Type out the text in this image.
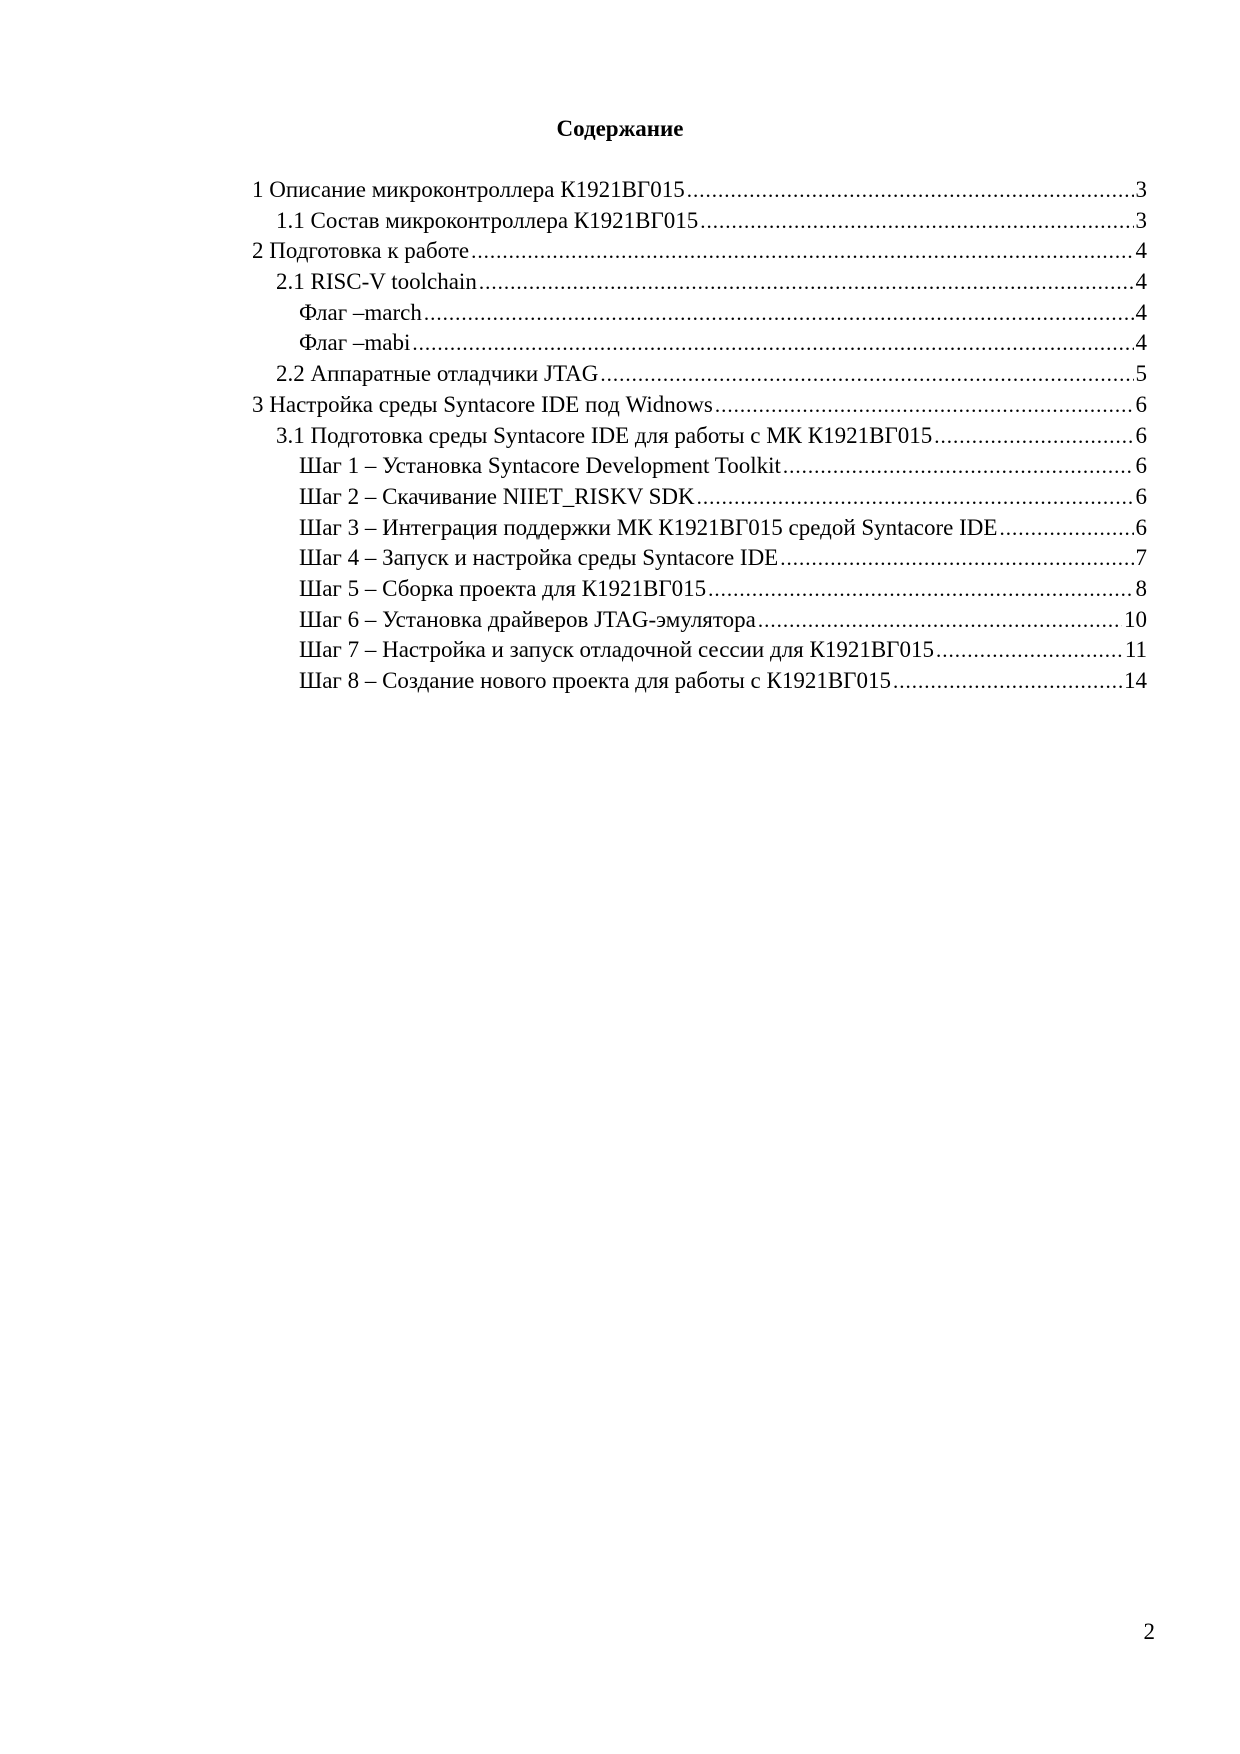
Содержание
1 Описание микроконтроллера К1921ВГ015 .....	3
1.1 Состав микроконтроллера К1921ВГ015 .....	3
2 Подготовка к работе .....	4
2.1 RISC-V toolchain .....	4
Флаг –march .....	4
Флаг –mabi .....	4
2.2 Аппаратные отладчики JTAG .....	5
3 Настройка среды Syntacore IDE под Widnows .....	6
3.1 Подготовка среды Syntacore IDE для работы с МК К1921ВГ015 .....	6
Шаг 1 – Установка Syntacore Development Toolkit .....	6
Шаг 2 – Скачивание NIIET_RISKV SDK .....	6
Шаг 3 – Интеграция поддержки МК К1921ВГ015 средой Syntacore IDE .....	6
Шаг 4 – Запуск и настройка среды Syntacore IDE .....	7
Шаг 5 – Сборка проекта для К1921ВГ015 .....	8
Шаг 6 – Установка драйверов JTAG-эмулятора .....	10
Шаг 7 – Настройка и запуск отладочной сессии для К1921ВГ015 .....	11
Шаг 8 – Создание нового проекта для работы с К1921ВГ015 .....	14
2
